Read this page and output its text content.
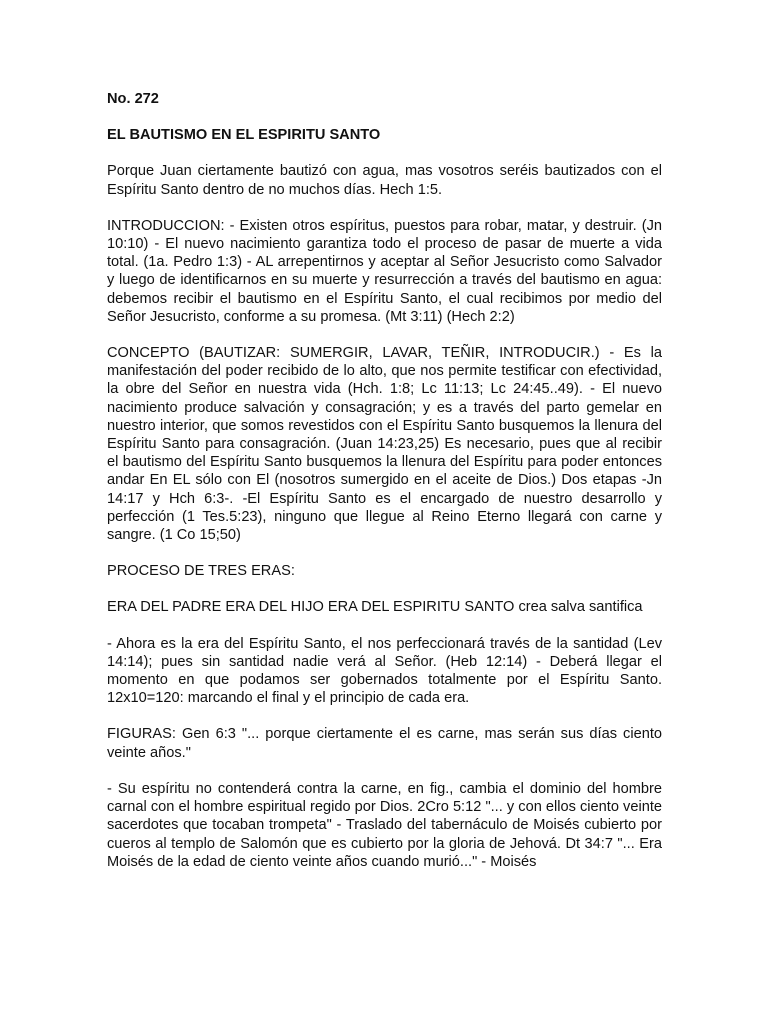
No. 272
EL BAUTISMO EN EL ESPIRITU SANTO

Porque Juan ciertamente bautizó con agua, mas vosotros seréis bautizados con el Espíritu Santo dentro de no muchos días. Hech 1:5.

INTRODUCCION: - Existen otros espíritus, puestos para robar, matar, y destruir. (Jn 10:10) - El nuevo nacimiento garantiza todo el proceso de pasar de muerte a vida total. (1a. Pedro 1:3) - AL arrepentirnos y aceptar al Señor Jesucristo como Salvador y luego de identificarnos en su muerte y resurrección a través del bautismo en agua: debemos recibir el bautismo en el Espíritu Santo, el cual recibimos por medio del Señor Jesucristo, conforme a su promesa. (Mt 3:11) (Hech 2:2)

CONCEPTO (BAUTIZAR: SUMERGIR, LAVAR, TEÑIR, INTRODUCIR.) - Es la manifestación del poder recibido de lo alto, que nos permite testificar con efectividad, la obre del Señor en nuestra vida (Hch. 1:8; Lc 11:13; Lc 24:45..49). - El nuevo nacimiento produce salvación y consagración; y es a través del parto gemelar en nuestro interior, que somos revestidos con el Espíritu Santo busquemos la llenura del Espíritu Santo para consagración. (Juan 14:23,25) Es necesario, pues que al recibir el bautismo del Espíritu Santo busquemos la llenura del Espíritu para poder entonces andar En EL sólo con El (nosotros sumergido en el aceite de Dios.) Dos etapas -Jn 14:17 y Hch 6:3-. -El Espíritu Santo es el encargado de nuestro desarrollo y perfección (1 Tes.5:23), ninguno que llegue al Reino Eterno llegará con carne y sangre. (1 Co 15;50)

PROCESO DE TRES ERAS:

ERA DEL PADRE ERA DEL HIJO ERA DEL ESPIRITU SANTO crea salva santifica

- Ahora es la era del Espíritu Santo, el nos perfeccionará través de la santidad (Lev 14:14); pues sin santidad nadie verá al Señor. (Heb 12:14) - Deberá llegar el momento en que podamos ser gobernados totalmente por el Espíritu Santo. 12x10=120: marcando el final y el principio de cada era.

FIGURAS: Gen 6:3 "... porque ciertamente el es carne, mas serán sus días ciento veinte años."

- Su espíritu no contenderá contra la carne, en fig., cambia el dominio del hombre carnal con el hombre espiritual regido por Dios. 2Cro 5:12 "... y con ellos ciento veinte sacerdotes que tocaban trompeta" - Traslado del tabernáculo de Moisés cubierto por cueros al templo de Salomón que es cubierto por la gloria de Jehová. Dt 34:7 "... Era Moisés de la edad de ciento veinte años cuando murió..." - Moisés
